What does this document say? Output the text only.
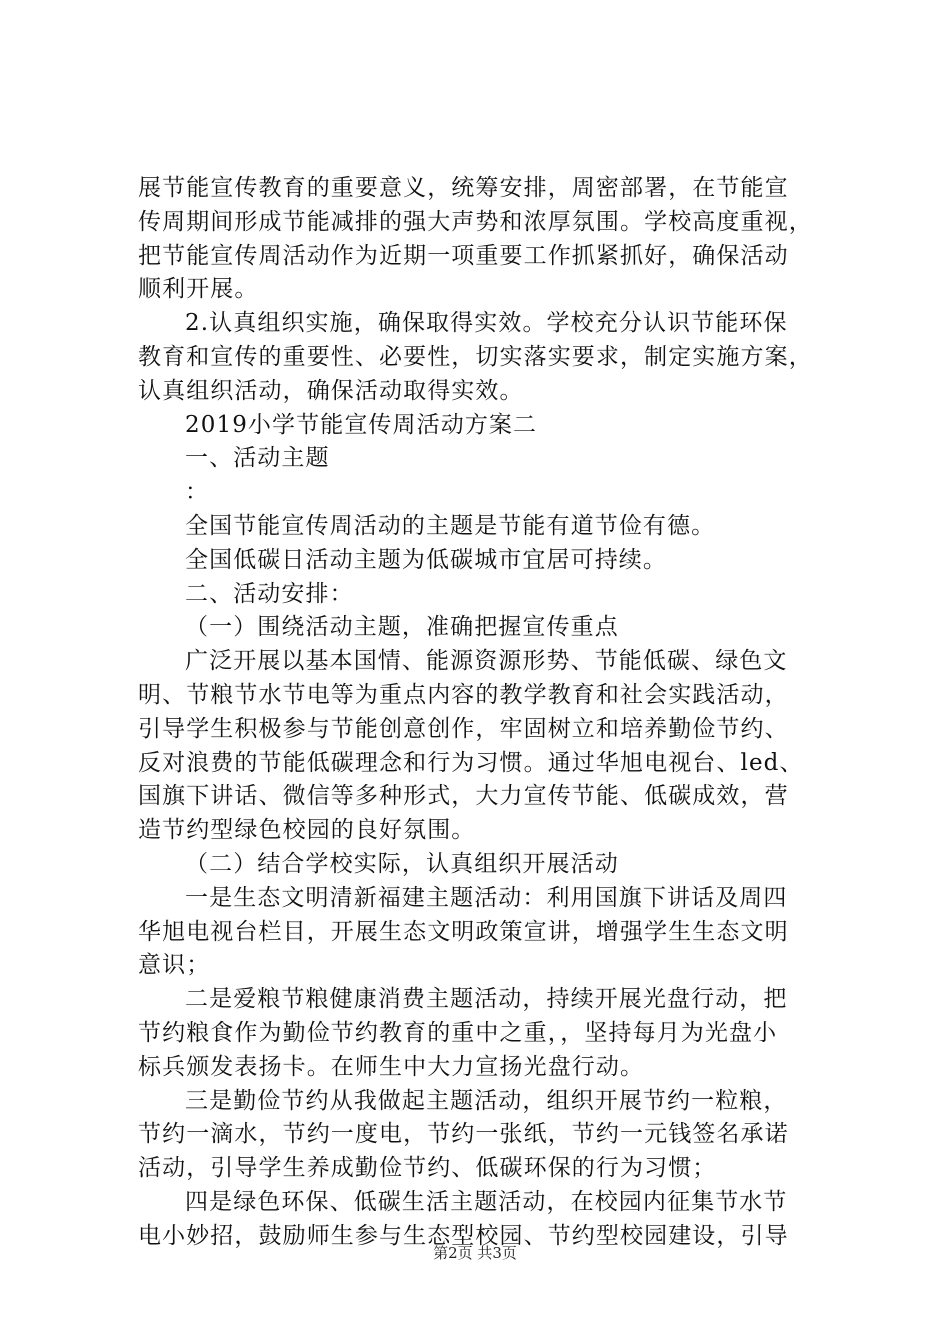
展节能宣传教育的重要意义，统筹安排，周密部署，在节能宣
传周期间形成节能减排的强大声势和浓厚氛围。学校高度重视，
把节能宣传周活动作为近期一项重要工作抓紧抓好，确保活动
顺利开展。
2.认真组织实施，确保取得实效。学校充分认识节能环保
教育和宣传的重要性、必要性，切实落实要求，制定实施方案，
认真组织活动，确保活动取得实效。
2019小学节能宣传周活动方案二
一、活动主题
：
全国节能宣传周活动的主题是节能有道节俭有德。
全国低碳日活动主题为低碳城市宜居可持续。
二、活动安排：
（一）围绕活动主题，准确把握宣传重点
广泛开展以基本国情、能源资源形势、节能低碳、绿色文
明、节粮节水节电等为重点内容的教学教育和社会实践活动，
引导学生积极参与节能创意创作，牢固树立和培养勤俭节约、
反对浪费的节能低碳理念和行为习惯。通过华旭电视台、led、
国旗下讲话、微信等多种形式，大力宣传节能、低碳成效，营
造节约型绿色校园的良好氛围。
（二）结合学校实际，认真组织开展活动
一是生态文明清新福建主题活动：利用国旗下讲话及周四
华旭电视台栏目，开展生态文明政策宣讲，增强学生生态文明
意识；
二是爱粮节粮健康消费主题活动，持续开展光盘行动，把
节约粮食作为勤俭节约教育的重中之重，，坚持每月为光盘小
标兵颁发表扬卡。在师生中大力宣扬光盘行动。
三是勤俭节约从我做起主题活动，组织开展节约一粒粮，
节约一滴水，节约一度电，节约一张纸，节约一元钱签名承诺
活动，引导学生养成勤俭节约、低碳环保的行为习惯；
四是绿色环保、低碳生活主题活动，在校园内征集节水节
电小妙招，鼓励师生参与生态型校园、节约型校园建设，引导
第2页 共3页
